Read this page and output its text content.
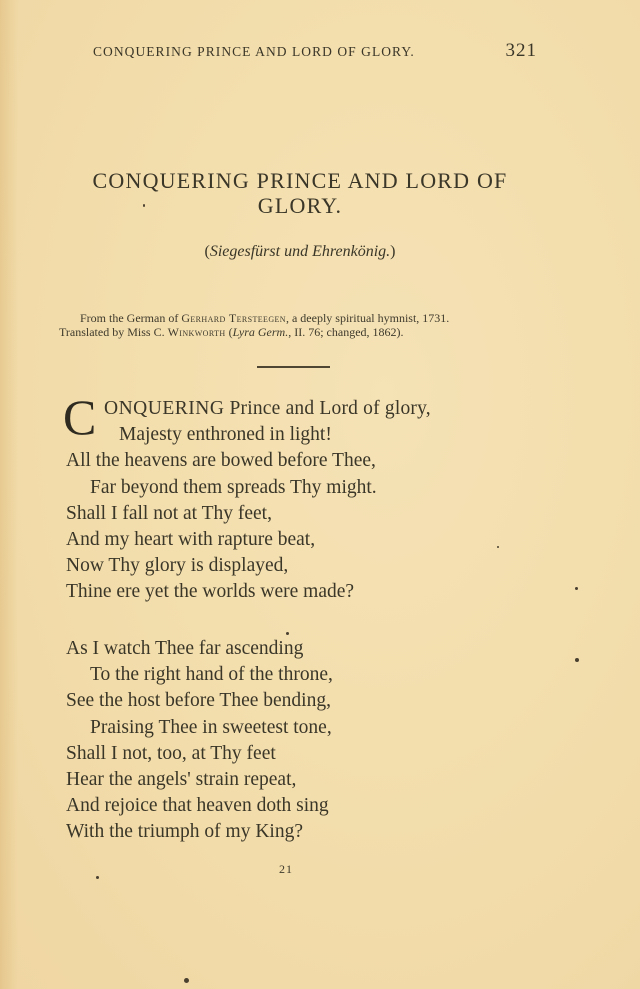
CONQUERING PRINCE AND LORD OF GLORY.	321
CONQUERING PRINCE AND LORD OF
GLORY.
(Siegesfürst und Ehrenkönig.)
From the German of Gerhard Tersteegen, a deeply spiritual hymnist, 1731.
Translated by Miss C. Winkworth (Lyra Germ., II. 76; changed, 1862).
C ONQUERING Prince and Lord of glory,
Majesty enthroned in light!
All the heavens are bowed before Thee,
Far beyond them spreads Thy might.
Shall I fall not at Thy feet,
And my heart with rapture beat,
Now Thy glory is displayed,
Thine ere yet the worlds were made?
As I watch Thee far ascending
To the right hand of the throne,
See the host before Thee bending,
Praising Thee in sweetest tone,
Shall I not, too, at Thy feet
Hear the angels' strain repeat,
And rejoice that heaven doth sing
With the triumph of my King?
21
